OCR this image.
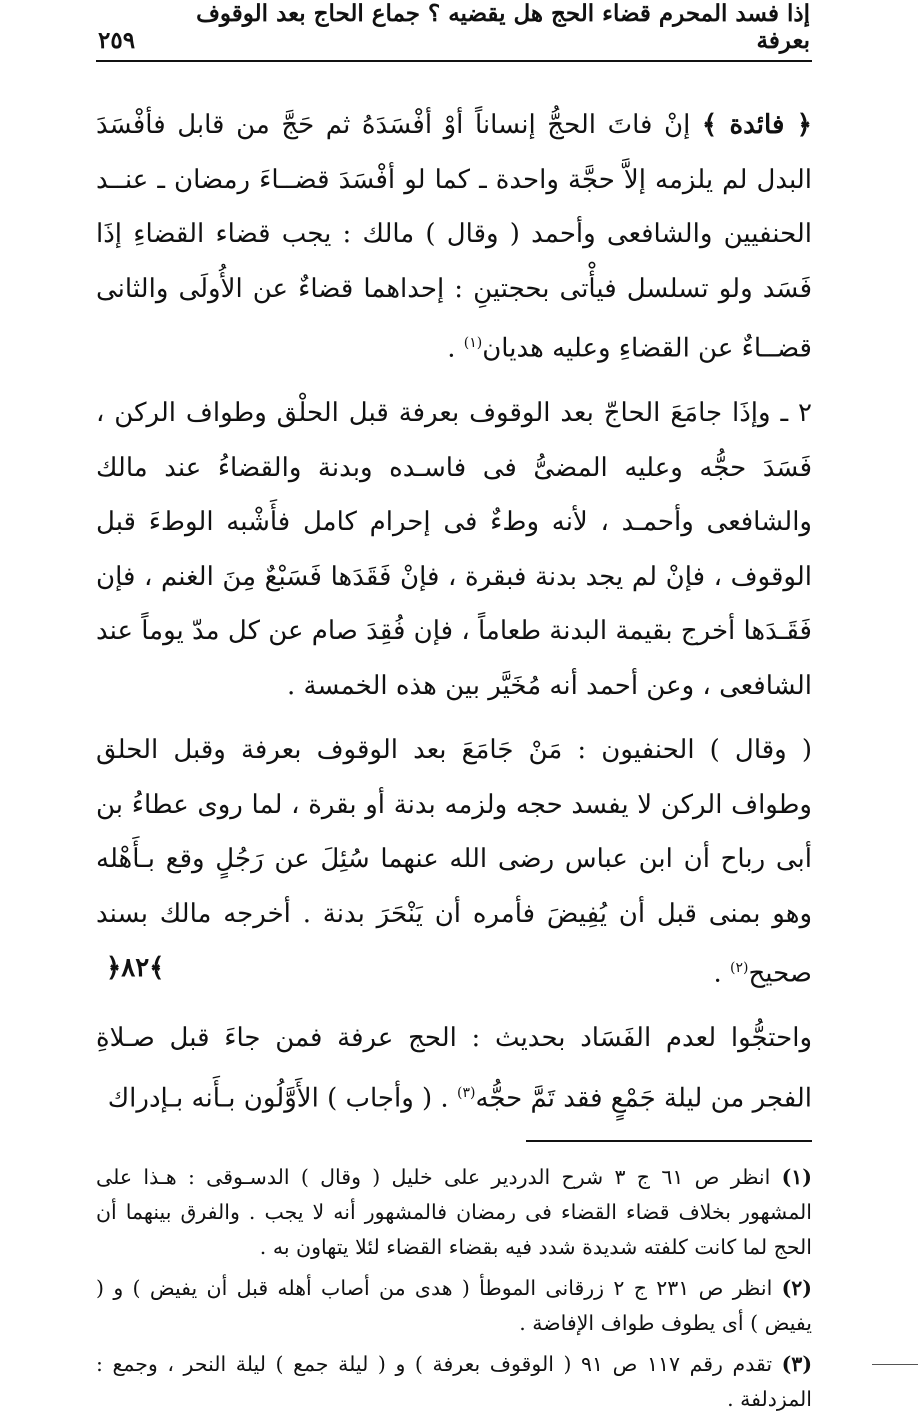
إذا فسد المحرم قضاء الحج هل يقضيه ؟ جماع الحاج بعد الوقوف بعرفة
٢٥٩

﴿ فائدة ﴾ إنْ فاتَ الحجُّ إنساناً أوْ أفْسَدَهُ ثم حَجَّ من قابل فأفْسَدَ البدل لم يلزمه إلاَّ حجَّة واحدة ـ كما لو أفْسَدَ قضــاءَ رمضان ـ عنــد الحنفيين والشافعى وأحمد ( وقال ) مالك : يجب قضاء القضاءِ إذَا فَسَد ولو تسلسل فيأْتى بحجتينِ : إحداهما قضاءٌ عن الأُولَى والثانى قضــاءٌ عن القضاءِ وعليه هديان$^{(١)}$ .

٢ ـ وإذَا جامَعَ الحاجّ بعد الوقوف بعرفة قبل الحلْق وطواف الركن ، فَسَدَ حجُّه وعليه المضىُّ فى فاسـده وبدنة والقضاءُ عند مالك والشافعى وأحمـد ، لأنه وطءٌ فى إحرام كامل فأَشْبه الوطءَ قبل الوقوف ، فإنْ لم يجد بدنة فبقرة ، فإنْ فَقَدَها فَسَبْعٌ مِنَ الغنم ، فإن فَقَـدَها أخرج بقيمة البدنة طعاماً ، فإن فُقِدَ صام عن كل مدّ يوماً عند الشافعى ، وعن أحمد أنه مُخَيَّر بين هذه الخمسة .

( وقال ) الحنفيون : مَنْ جَامَعَ بعد الوقوف بعرفة وقبل الحلق وطواف الركن لا يفسد حجه ولزمه بدنة أو بقرة ، لما روى عطاءُ بن أبى رباح أن ابن عباس رضى الله عنهما سُئِلَ عن رَجُلٍ وقع بـأَهْله وهو بمنى قبل أن يُفِيضَ فأمره أن يَنْحَرَ بدنة . أخرجه مالك بسند صحيح$^{(٢)}$ .
﴿٨٢﴾

واحتجُّوا لعدم الفَسَاد بحديث : الحج عرفة فمن جاءَ قبل صـلاةِ الفجر من ليلة جَمْعٍ فقد تَمَّ حجُّه$^{(٣)}$ . ( وأجاب ) الأَوَّلُون بـأَنه بـإدراك

(١) انظر ص ٦١ ج ٣ شرح الدردير على خليل ( وقال ) الدسـوقى : هـذا على المشهور بخلاف قضاء القضاء فى رمضان فالمشهور أنه لا يجب . والفرق بينهما أن الحج لما كانت كلفته شديدة شدد فيه بقضاء القضاء لئلا يتهاون به .

(٢) انظر ص ٢٣١ ج ٢ زرقانى الموطأ ( هدى من أصاب أهله قبل أن يفيض ) و ( يفيض ) أى يطوف طواف الإفاضة .

(٣) تقدم رقم ١١٧ ص ٩١ ( الوقوف بعرفة ) و ( ليلة جمع ) ليلة النحر ، وجمع : المزدلفة .
